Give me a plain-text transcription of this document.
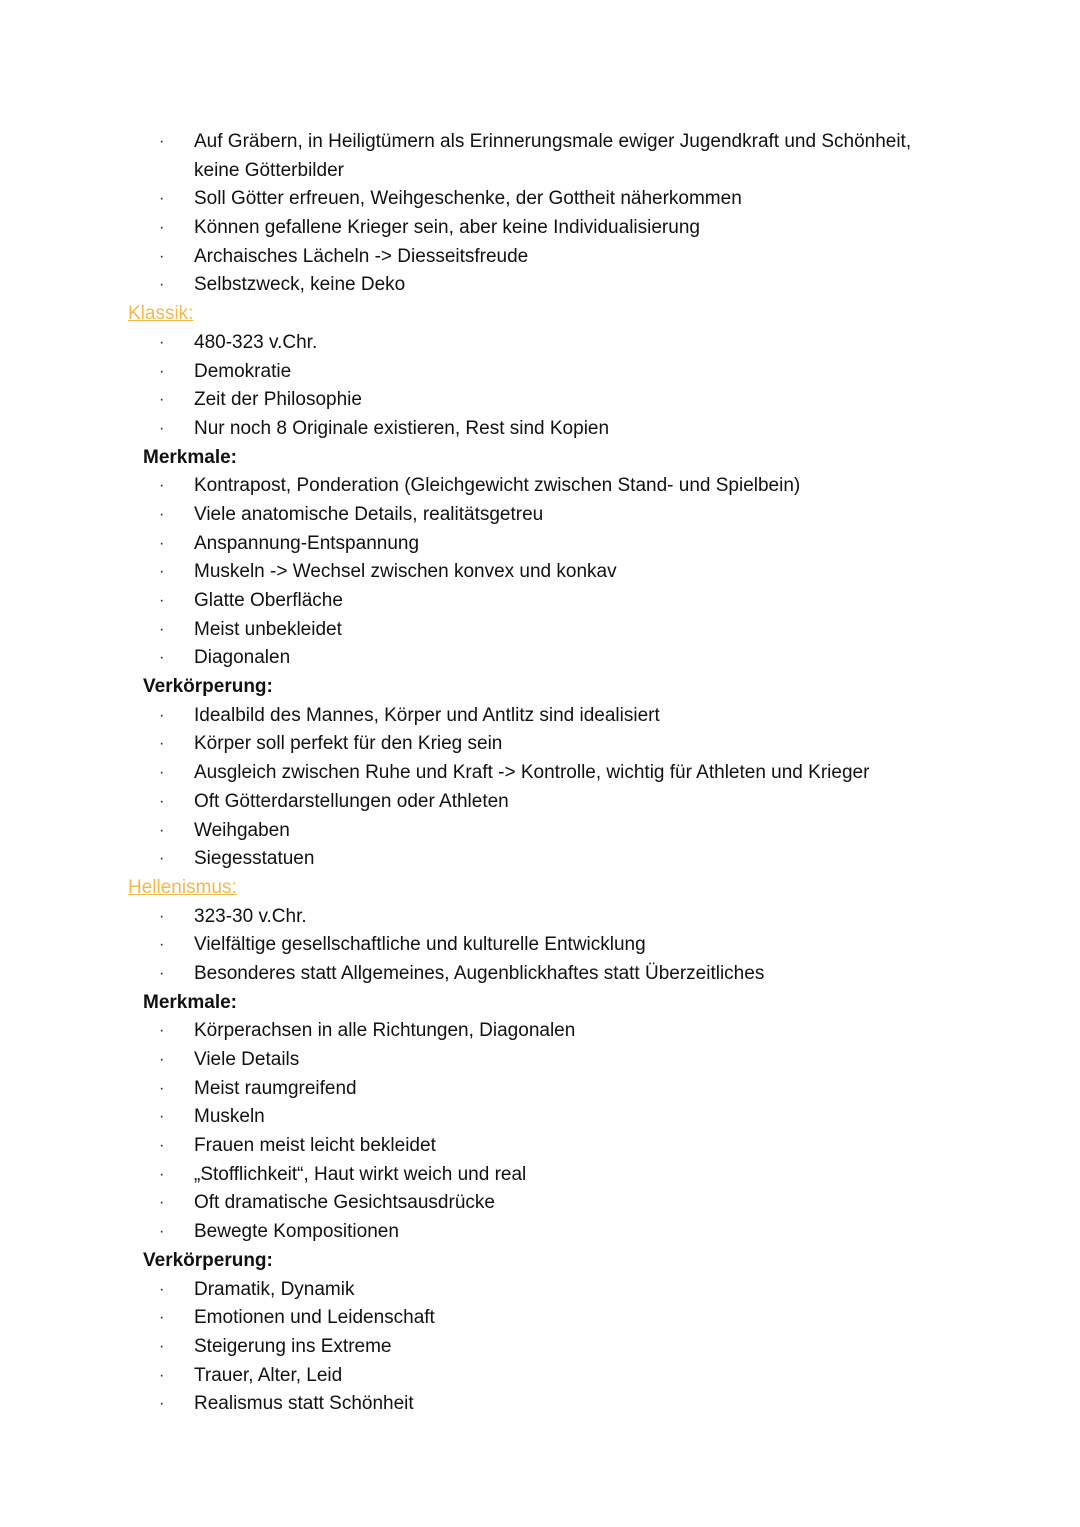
· Auf Gräbern, in Heiligtümern als Erinnerungsmale ewiger Jugendkraft und Schönheit,
keine Götterbilder
· Soll Götter erfreuen, Weihgeschenke, der Gottheit näherkommen
· Können gefallene Krieger sein, aber keine Individualisierung
· Archaisches Lächeln -> Diesseitsfreude
· Selbstzweck, keine Deko
Klassik:
· 480-323 v.Chr.
· Demokratie
· Zeit der Philosophie
· Nur noch 8 Originale existieren, Rest sind Kopien
Merkmale:
· Kontrapost, Ponderation (Gleichgewicht zwischen Stand- und Spielbein)
· Viele anatomische Details, realitätsgetreu
· Anspannung-Entspannung
· Muskeln -> Wechsel zwischen konvex und konkav
· Glatte Oberfläche
· Meist unbekleidet
· Diagonalen
Verkörperung:
· Idealbild des Mannes, Körper und Antlitz sind idealisiert
· Körper soll perfekt für den Krieg sein
· Ausgleich zwischen Ruhe und Kraft -> Kontrolle, wichtig für Athleten und Krieger
· Oft Götterdarstellungen oder Athleten
· Weihgaben
· Siegesstatuen
Hellenismus:
· 323-30 v.Chr.
· Vielfältige gesellschaftliche und kulturelle Entwicklung
· Besonderes statt Allgemeines, Augenblickhaftes statt Überzeitliches
Merkmale:
· Körperachsen in alle Richtungen, Diagonalen
· Viele Details
· Meist raumgreifend
· Muskeln
· Frauen meist leicht bekleidet
· „Stofflichkeit“, Haut wirkt weich und real
· Oft dramatische Gesichtsausdrücke
· Bewegte Kompositionen
Verkörperung:
· Dramatik, Dynamik
· Emotionen und Leidenschaft
· Steigerung ins Extreme
· Trauer, Alter, Leid
· Realismus statt Schönheit
